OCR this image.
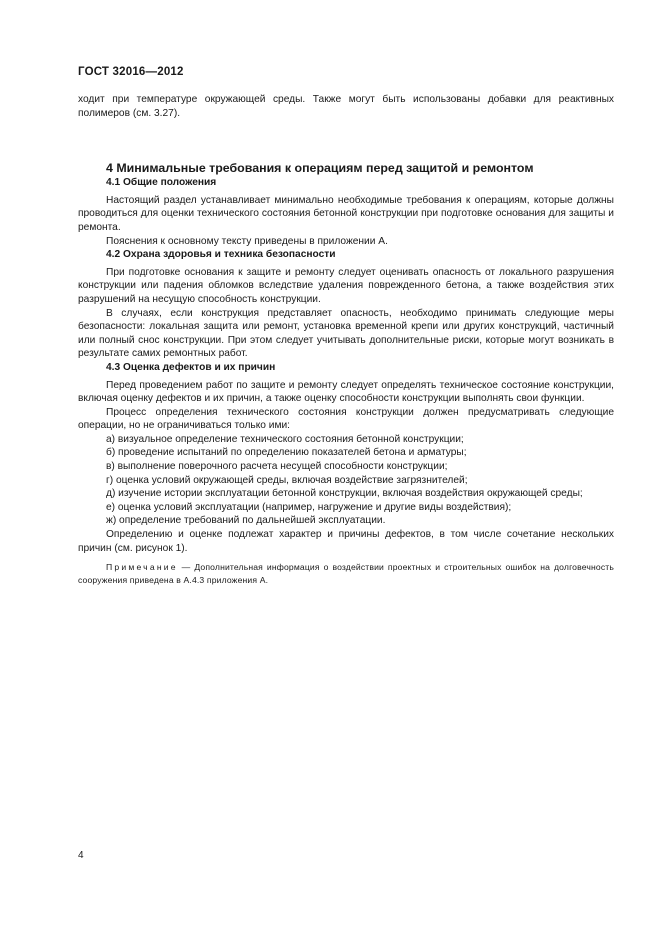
ГОСТ 32016—2012

ходит при температуре окружающей среды. Также могут быть использованы добавки для реактивных полимеров (см. 3.27).

4 Минимальные требования к операциям перед защитой и ремонтом
4.1 Общие положения

Настоящий раздел устанавливает минимально необходимые требования к операциям, которые должны проводиться для оценки технического состояния бетонной конструкции при подготовке основания для защиты и ремонта.

Пояснения к основному тексту приведены в приложении А.

4.2 Охрана здоровья и техника безопасности

При подготовке основания к защите и ремонту следует оценивать опасность от локального разрушения конструкции или падения обломков вследствие удаления поврежденного бетона, а также воздействия этих разрушений на несущую способность конструкции.

В случаях, если конструкция представляет опасность, необходимо принимать следующие меры безопасности: локальная защита или ремонт, установка временной крепи или других конструкций, частичный или полный снос конструкции. При этом следует учитывать дополнительные риски, которые могут возникать в результате самих ремонтных работ.

4.3 Оценка дефектов и их причин

Перед проведением работ по защите и ремонту следует определять техническое состояние конструкции, включая оценку дефектов и их причин, а также оценку способности конструкции выполнять свои функции.

Процесс определения технического состояния конструкции должен предусматривать следующие операции, но не ограничиваться только ими:

а) визуальное определение технического состояния бетонной конструкции;

б) проведение испытаний по определению показателей бетона и арматуры;

в) выполнение поверочного расчета несущей способности конструкции;

г) оценка условий окружающей среды, включая воздействие загрязнителей;

д) изучение истории эксплуатации бетонной конструкции, включая воздействия окружающей среды;

е) оценка условий эксплуатации (например, нагружение и другие виды воздействия);

ж) определение требований по дальнейшей эксплуатации.

Определению и оценке подлежат характер и причины дефектов, в том числе сочетание нескольких причин (см. рисунок 1).

Примечание — Дополнительная информация о воздействии проектных и строительных ошибок на долговечность сооружения приведена в А.4.3 приложения А.

4
